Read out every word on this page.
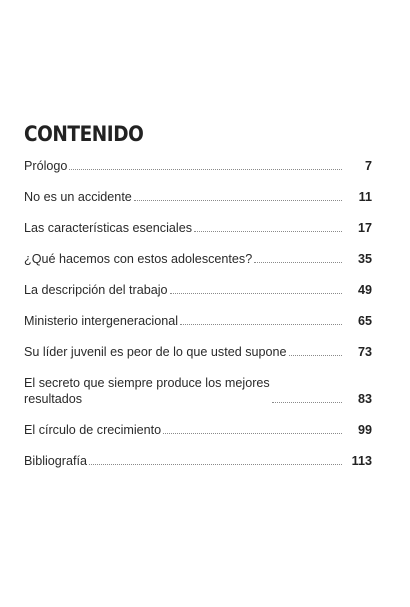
CONTENIDO
Prólogo	7
No es un accidente	11
Las características esenciales	17
¿Qué hacemos con estos adolescentes?	35
La descripción del trabajo	49
Ministerio intergeneracional	65
Su líder juvenil es peor de lo que usted supone	73
El secreto que siempre produce los mejores
resultados	83
El círculo de crecimiento	99
Bibliografía	113
